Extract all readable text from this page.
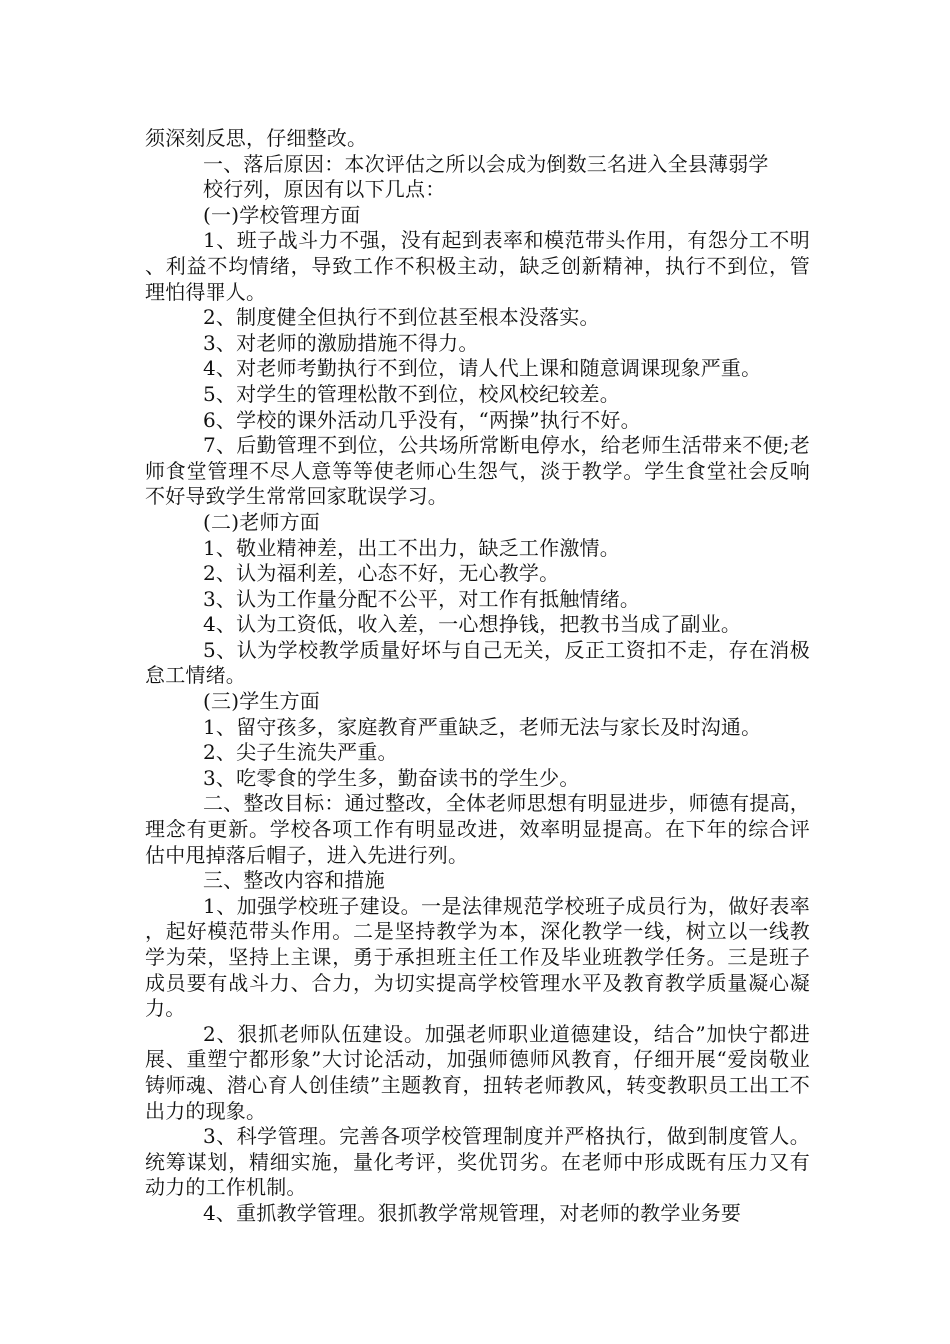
须深刻反思，仔细整改。

一、落后原因：本次评估之所以会成为倒数三名进入全县薄弱学

校行列，原因有以下几点：

(一)学校管理方面

1、班子战斗力不强，没有起到表率和模范带头作用，有怨分工不明、利益不均情绪，导致工作不积极主动，缺乏创新精神，执行不到位，管理怕得罪人。

2、制度健全但执行不到位甚至根本没落实。

3、对老师的激励措施不得力。

4、对老师考勤执行不到位，请人代上课和随意调课现象严重。

5、对学生的管理松散不到位，校风校纪较差。

6、学校的课外活动几乎没有，“两操”执行不好。

7、后勤管理不到位，公共场所常断电停水，给老师生活带来不便;老师食堂管理不尽人意等等使老师心生怨气，淡于教学。学生食堂社会反响不好导致学生常常回家耽误学习。

(二)老师方面

1、敬业精神差，出工不出力，缺乏工作激情。

2、认为福利差，心态不好，无心教学。

3、认为工作量分配不公平，对工作有抵触情绪。

4、认为工资低，收入差，一心想挣钱，把教书当成了副业。

5、认为学校教学质量好坏与自己无关，反正工资扣不走，存在消极怠工情绪。

(三)学生方面

1、留守孩多，家庭教育严重缺乏，老师无法与家长及时沟通。

2、尖子生流失严重。

3、吃零食的学生多，勤奋读书的学生少。

二、整改目标：通过整改，全体老师思想有明显进步，师德有提高，理念有更新。学校各项工作有明显改进，效率明显提高。在下年的综合评估中甩掉落后帽子，进入先进行列。

三、整改内容和措施

1、加强学校班子建设。一是法律规范学校班子成员行为，做好表率，起好模范带头作用。二是坚持教学为本，深化教学一线，树立以一线教学为荣，坚持上主课，勇于承担班主任工作及毕业班教学任务。三是班子成员要有战斗力、合力，为切实提高学校管理水平及教育教学质量凝心凝力。

2、狠抓老师队伍建设。加强老师职业道德建设，结合”加快宁都进展、重塑宁都形象”大讨论活动，加强师德师风教育，仔细开展“爱岗敬业铸师魂、潜心育人创佳绩”主题教育，扭转老师教风，转变教职员工出工不出力的现象。

3、科学管理。完善各项学校管理制度并严格执行，做到制度管人。统筹谋划，精细实施，量化考评，奖优罚劣。在老师中形成既有压力又有动力的工作机制。

4、重抓教学管理。狠抓教学常规管理，对老师的教学业务要
